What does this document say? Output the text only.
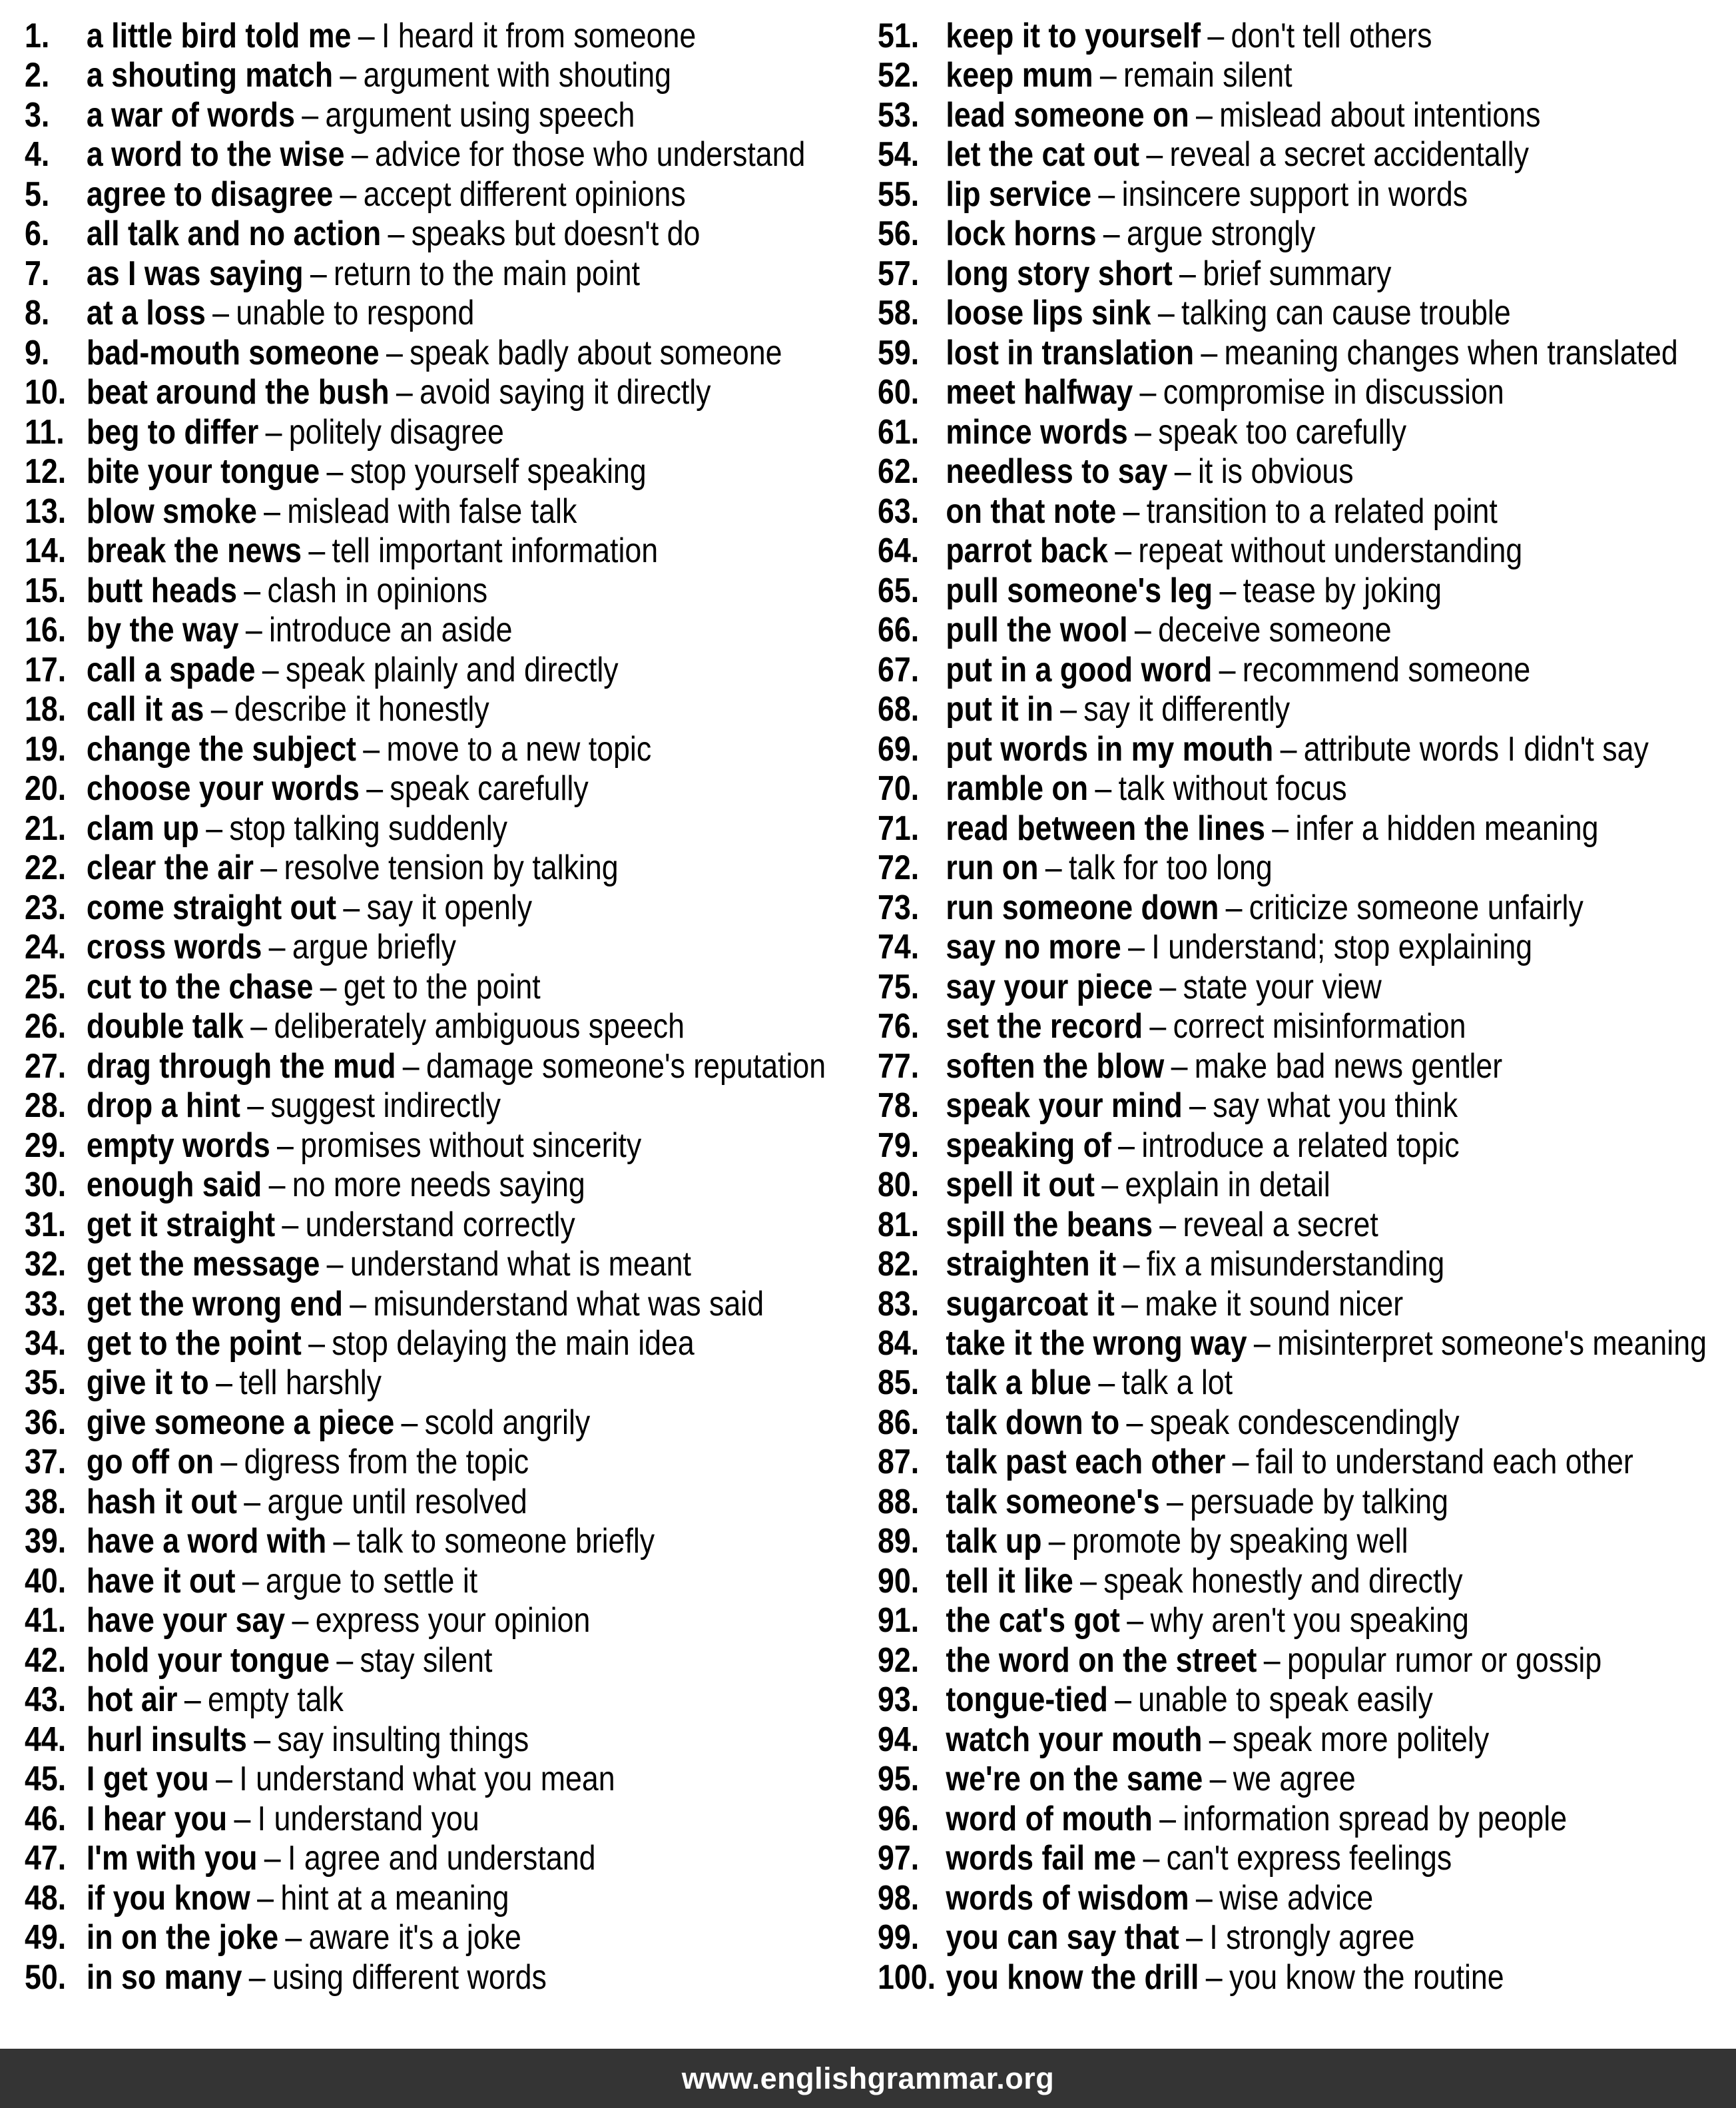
1. a little bird told me – I heard it from someone
2. a shouting match – argument with shouting
3. a war of words – argument using speech
4. a word to the wise – advice for those who understand
5. agree to disagree – accept different opinions
6. all talk and no action – speaks but doesn't do
7. as I was saying – return to the main point
8. at a loss – unable to respond
9. bad-mouth someone – speak badly about someone
10. beat around the bush – avoid saying it directly
11. beg to differ – politely disagree
12. bite your tongue – stop yourself speaking
13. blow smoke – mislead with false talk
14. break the news – tell important information
15. butt heads – clash in opinions
16. by the way – introduce an aside
17. call a spade – speak plainly and directly
18. call it as – describe it honestly
19. change the subject – move to a new topic
20. choose your words – speak carefully
21. clam up – stop talking suddenly
22. clear the air – resolve tension by talking
23. come straight out – say it openly
24. cross words – argue briefly
25. cut to the chase – get to the point
26. double talk – deliberately ambiguous speech
27. drag through the mud – damage someone's reputation
28. drop a hint – suggest indirectly
29. empty words – promises without sincerity
30. enough said – no more needs saying
31. get it straight – understand correctly
32. get the message – understand what is meant
33. get the wrong end – misunderstand what was said
34. get to the point – stop delaying the main idea
35. give it to – tell harshly
36. give someone a piece – scold angrily
37. go off on – digress from the topic
38. hash it out – argue until resolved
39. have a word with – talk to someone briefly
40. have it out – argue to settle it
41. have your say – express your opinion
42. hold your tongue – stay silent
43. hot air – empty talk
44. hurl insults – say insulting things
45. I get you – I understand what you mean
46. I hear you – I understand you
47. I'm with you – I agree and understand
48. if you know – hint at a meaning
49. in on the joke – aware it's a joke
50. in so many – using different words
51. keep it to yourself – don't tell others
52. keep mum – remain silent
53. lead someone on – mislead about intentions
54. let the cat out – reveal a secret accidentally
55. lip service – insincere support in words
56. lock horns – argue strongly
57. long story short – brief summary
58. loose lips sink – talking can cause trouble
59. lost in translation – meaning changes when translated
60. meet halfway – compromise in discussion
61. mince words – speak too carefully
62. needless to say – it is obvious
63. on that note – transition to a related point
64. parrot back – repeat without understanding
65. pull someone's leg – tease by joking
66. pull the wool – deceive someone
67. put in a good word – recommend someone
68. put it in – say it differently
69. put words in my mouth – attribute words I didn't say
70. ramble on – talk without focus
71. read between the lines – infer a hidden meaning
72. run on – talk for too long
73. run someone down – criticize someone unfairly
74. say no more – I understand; stop explaining
75. say your piece – state your view
76. set the record – correct misinformation
77. soften the blow – make bad news gentler
78. speak your mind – say what you think
79. speaking of – introduce a related topic
80. spell it out – explain in detail
81. spill the beans – reveal a secret
82. straighten it – fix a misunderstanding
83. sugarcoat it – make it sound nicer
84. take it the wrong way – misinterpret someone's meaning
85. talk a blue – talk a lot
86. talk down to – speak condescendingly
87. talk past each other – fail to understand each other
88. talk someone's – persuade by talking
89. talk up – promote by speaking well
90. tell it like – speak honestly and directly
91. the cat's got – why aren't you speaking
92. the word on the street – popular rumor or gossip
93. tongue-tied – unable to speak easily
94. watch your mouth – speak more politely
95. we're on the same – we agree
96. word of mouth – information spread by people
97. words fail me – can't express feelings
98. words of wisdom – wise advice
99. you can say that – I strongly agree
100. you know the drill – you know the routine
www.englishgrammar.org
